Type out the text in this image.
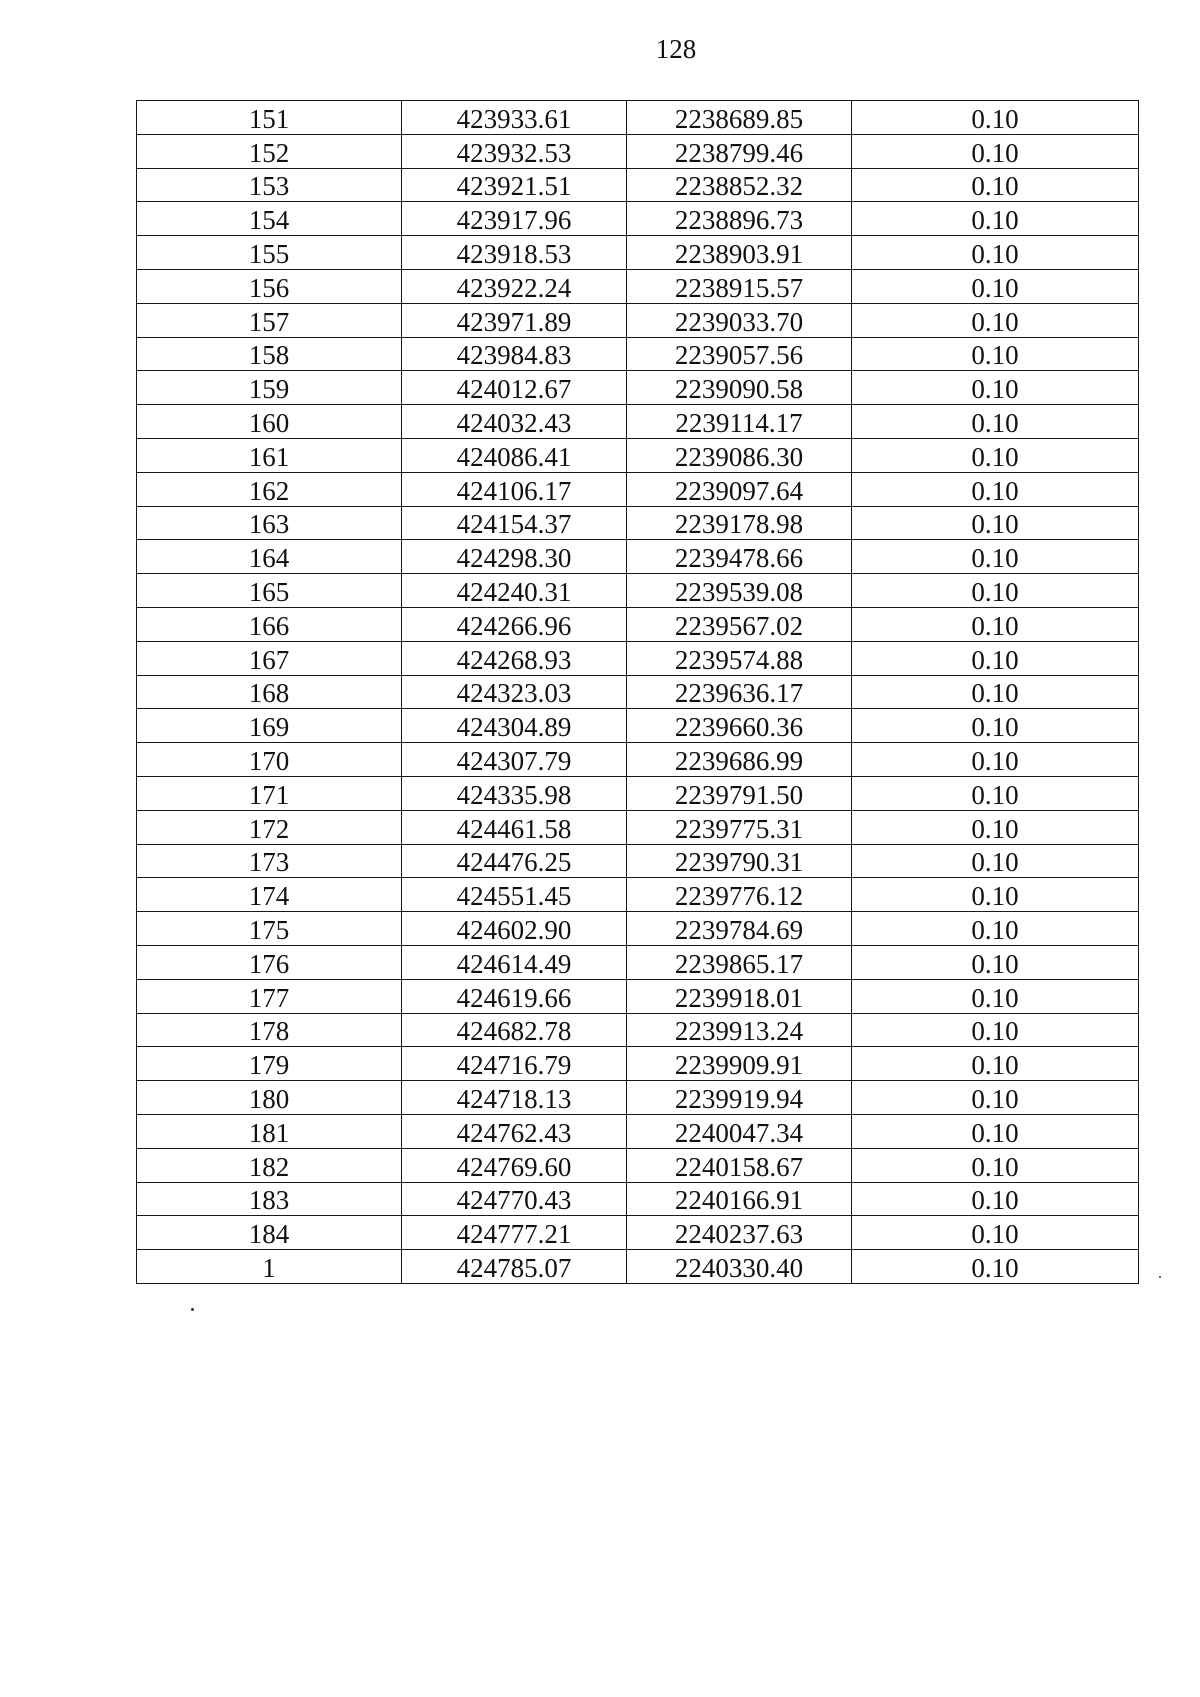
128
151	423933.61	2238689.85	0.10
152	423932.53	2238799.46	0.10
153	423921.51	2238852.32	0.10
154	423917.96	2238896.73	0.10
155	423918.53	2238903.91	0.10
156	423922.24	2238915.57	0.10
157	423971.89	2239033.70	0.10
158	423984.83	2239057.56	0.10
159	424012.67	2239090.58	0.10
160	424032.43	2239114.17	0.10
161	424086.41	2239086.30	0.10
162	424106.17	2239097.64	0.10
163	424154.37	2239178.98	0.10
164	424298.30	2239478.66	0.10
165	424240.31	2239539.08	0.10
166	424266.96	2239567.02	0.10
167	424268.93	2239574.88	0.10
168	424323.03	2239636.17	0.10
169	424304.89	2239660.36	0.10
170	424307.79	2239686.99	0.10
171	424335.98	2239791.50	0.10
172	424461.58	2239775.31	0.10
173	424476.25	2239790.31	0.10
174	424551.45	2239776.12	0.10
175	424602.90	2239784.69	0.10
176	424614.49	2239865.17	0.10
177	424619.66	2239918.01	0.10
178	424682.78	2239913.24	0.10
179	424716.79	2239909.91	0.10
180	424718.13	2239919.94	0.10
181	424762.43	2240047.34	0.10
182	424769.60	2240158.67	0.10
183	424770.43	2240166.91	0.10
184	424777.21	2240237.63	0.10
1	424785.07	2240330.40	0.10
